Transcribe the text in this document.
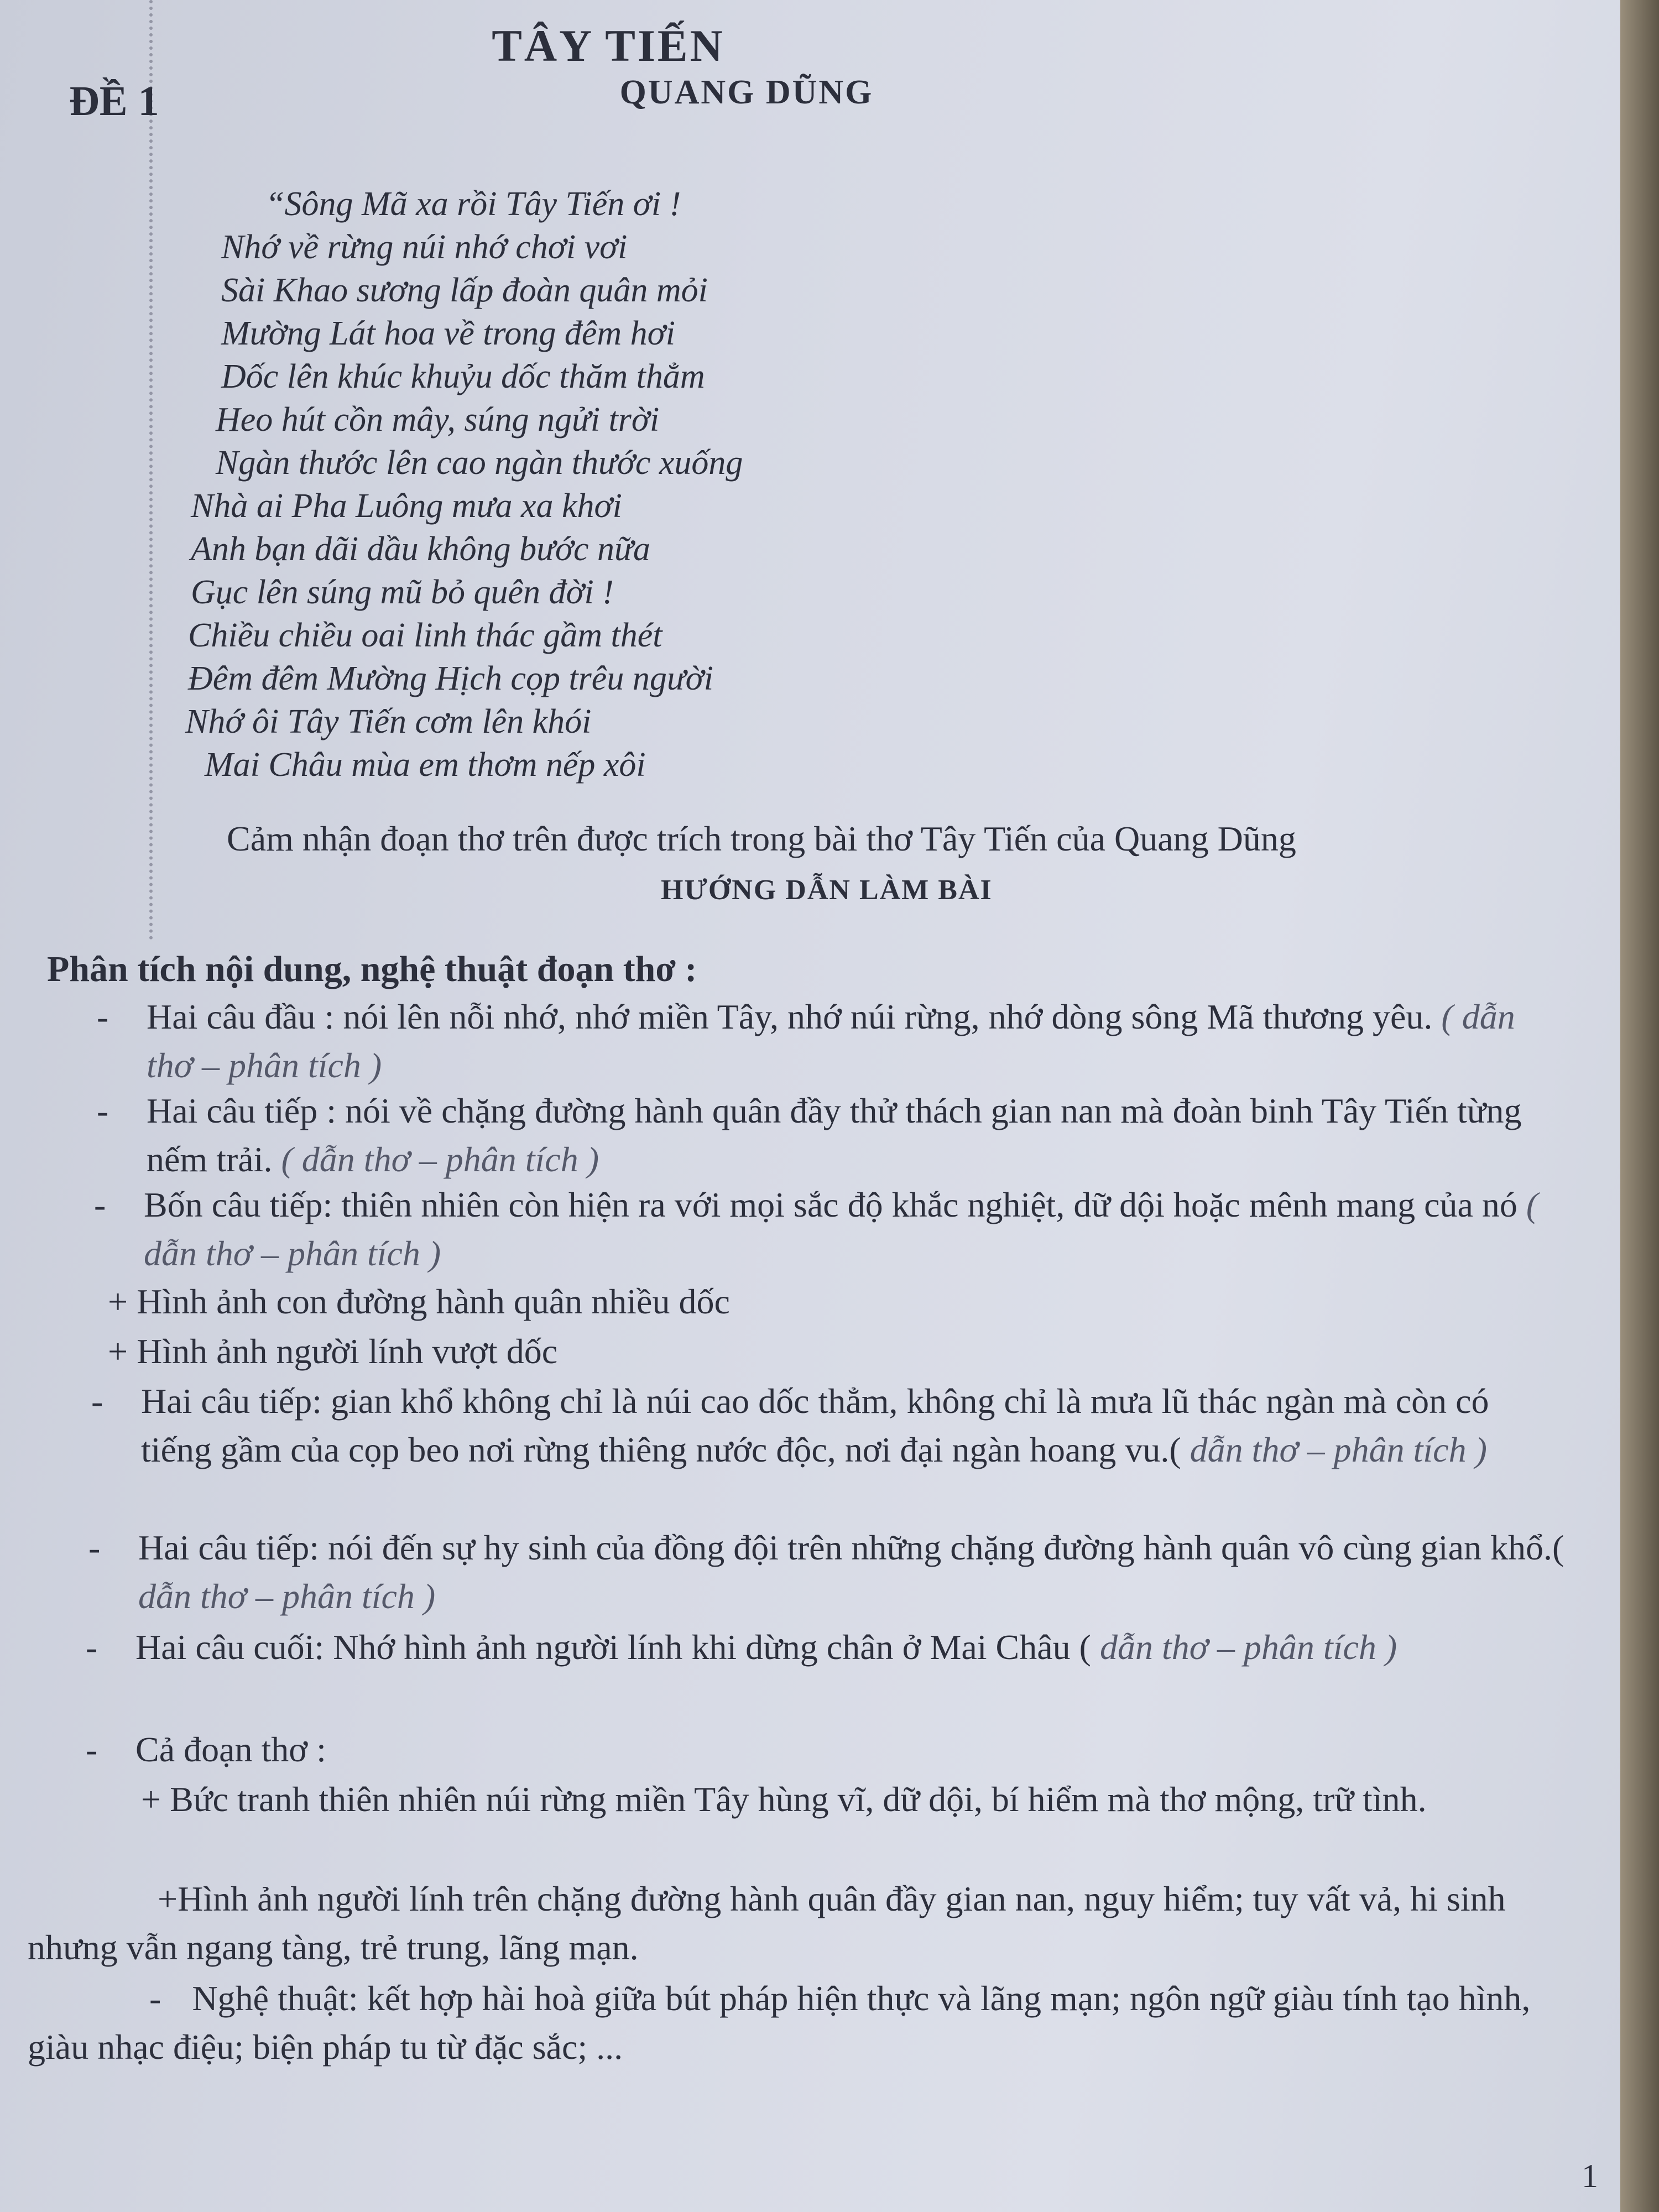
TÂY TIẾN
ĐỀ 1	QUANG DŨNG
“Sông Mã xa rồi Tây Tiến ơi !
Nhớ về rừng núi nhớ chơi vơi
Sài Khao sương lấp đoàn quân mỏi
Mường Lát hoa về trong đêm hơi
Dốc lên khúc khuỷu dốc thăm thẳm
Heo hút cồn mây, súng ngửi trời
Ngàn thước lên cao ngàn thước xuống
Nhà ai Pha Luông mưa xa khơi
Anh bạn dãi dầu không bước nữa
Gục lên súng mũ bỏ quên đời !
Chiều chiều oai linh thác gầm thét
Đêm đêm Mường Hịch cọp trêu người
Nhớ ôi Tây Tiến cơm lên khói
Mai Châu mùa em thơm nếp xôi
Cảm nhận đoạn thơ trên được trích trong bài thơ Tây Tiến của Quang Dũng
HƯỚNG DẪN LÀM BÀI
Phân tích nội dung, nghệ thuật đoạn thơ :
- Hai câu đầu : nói lên nỗi nhớ, nhớ miền Tây, nhớ núi rừng, nhớ dòng sông Mã thương yêu. ( dẫn thơ – phân tích )
- Hai câu tiếp : nói về chặng đường hành quân đầy thử thách gian nan mà đoàn binh Tây Tiến từng nếm trải. ( dẫn thơ – phân tích )
- Bốn câu tiếp: thiên nhiên còn hiện ra với mọi sắc độ khắc nghiệt, dữ dội hoặc mênh mang của nó ( dẫn thơ – phân tích )
+ Hình ảnh con đường hành quân nhiều dốc
+ Hình ảnh người lính vượt dốc
- Hai câu tiếp: gian khổ không chỉ là núi cao dốc thẳm, không chỉ là mưa lũ thác ngàn mà còn có tiếng gầm của cọp beo nơi rừng thiêng nước độc, nơi đại ngàn hoang vu.( dẫn thơ – phân tích )
- Hai câu tiếp: nói đến sự hy sinh của đồng đội trên những chặng đường hành quân vô cùng gian khổ.( dẫn thơ – phân tích )
- Hai câu cuối: Nhớ hình ảnh người lính khi dừng chân ở Mai Châu ( dẫn thơ – phân tích )
- Cả đoạn thơ :
+ Bức tranh thiên nhiên núi rừng miền Tây hùng vĩ, dữ dội, bí hiểm mà thơ mộng, trữ tình.
+Hình ảnh người lính trên chặng đường hành quân đầy gian nan, nguy hiểm; tuy vất vả, hi sinh nhưng vẫn ngang tàng, trẻ trung, lãng mạn.
- Nghệ thuật: kết hợp hài hoà giữa bút pháp hiện thực và lãng mạn; ngôn ngữ giàu tính tạo hình, giàu nhạc điệu; biện pháp tu từ đặc sắc; ...
1
